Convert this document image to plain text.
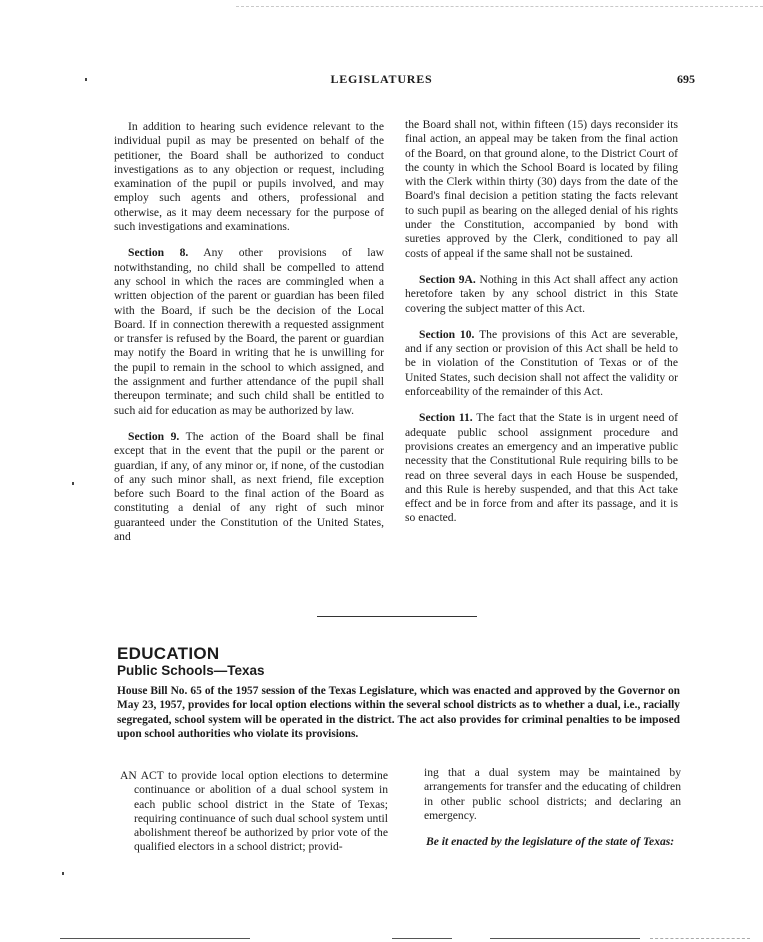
LEGISLATURES	695

In addition to hearing such evidence relevant to the individual pupil as may be presented on behalf of the petitioner, the Board shall be authorized to conduct investigations as to any objection or request, including examination of the pupil or pupils involved, and may employ such agents and others, professional and otherwise, as it may deem necessary for the purpose of such investigations and examinations.

Section 8. Any other provisions of law notwithstanding, no child shall be compelled to attend any school in which the races are commingled when a written objection of the parent or guardian has been filed with the Board, if such be the decision of the Local Board. If in connection therewith a requested assignment or transfer is refused by the Board, the parent or guardian may notify the Board in writing that he is unwilling for the pupil to remain in the school to which assigned, and the assignment and further attendance of the pupil shall thereupon terminate; and such child shall be entitled to such aid for education as may be authorized by law.

Section 9. The action of the Board shall be final except that in the event that the pupil or the parent or guardian, if any, of any minor or, if none, of the custodian of any such minor shall, as next friend, file exception before such Board to the final action of the Board as constituting a denial of any right of such minor guaranteed under the Constitution of the United States, and

the Board shall not, within fifteen (15) days reconsider its final action, an appeal may be taken from the final action of the Board, on that ground alone, to the District Court of the county in which the School Board is located by filing with the Clerk within thirty (30) days from the date of the Board's final decision a petition stating the facts relevant to such pupil as bearing on the alleged denial of his rights under the Constitution, accompanied by bond with sureties approved by the Clerk, conditioned to pay all costs of appeal if the same shall not be sustained.

Section 9A. Nothing in this Act shall affect any action heretofore taken by any school district in this State covering the subject matter of this Act.

Section 10. The provisions of this Act are severable, and if any section or provision of this Act shall be held to be in violation of the Constitution of Texas or of the United States, such decision shall not affect the validity or enforceability of the remainder of this Act.

Section 11. The fact that the State is in urgent need of adequate public school assignment procedure and provisions creates an emergency and an imperative public necessity that the Constitutional Rule requiring bills to be read on three several days in each House be suspended, and this Rule is hereby suspended, and that this Act take effect and be in force from and after its passage, and it is so enacted.

EDUCATION
Public Schools—Texas
House Bill No. 65 of the 1957 session of the Texas Legislature, which was enacted and approved by the Governor on May 23, 1957, provides for local option elections within the several school districts as to whether a dual, i.e., racially segregated, school system will be operated in the district. The act also provides for criminal penalties to be imposed upon school authorities who violate its provisions.

AN ACT to provide local option elections to determine continuance or abolition of a dual school system in each public school district in the State of Texas; requiring continuance of such dual school system until abolishment thereof be authorized by prior vote of the qualified electors in a school district; provid-

ing that a dual system may be maintained by arrangements for transfer and the educating of children in other public school districts; and declaring an emergency.

Be it enacted by the legislature of the state of Texas:
